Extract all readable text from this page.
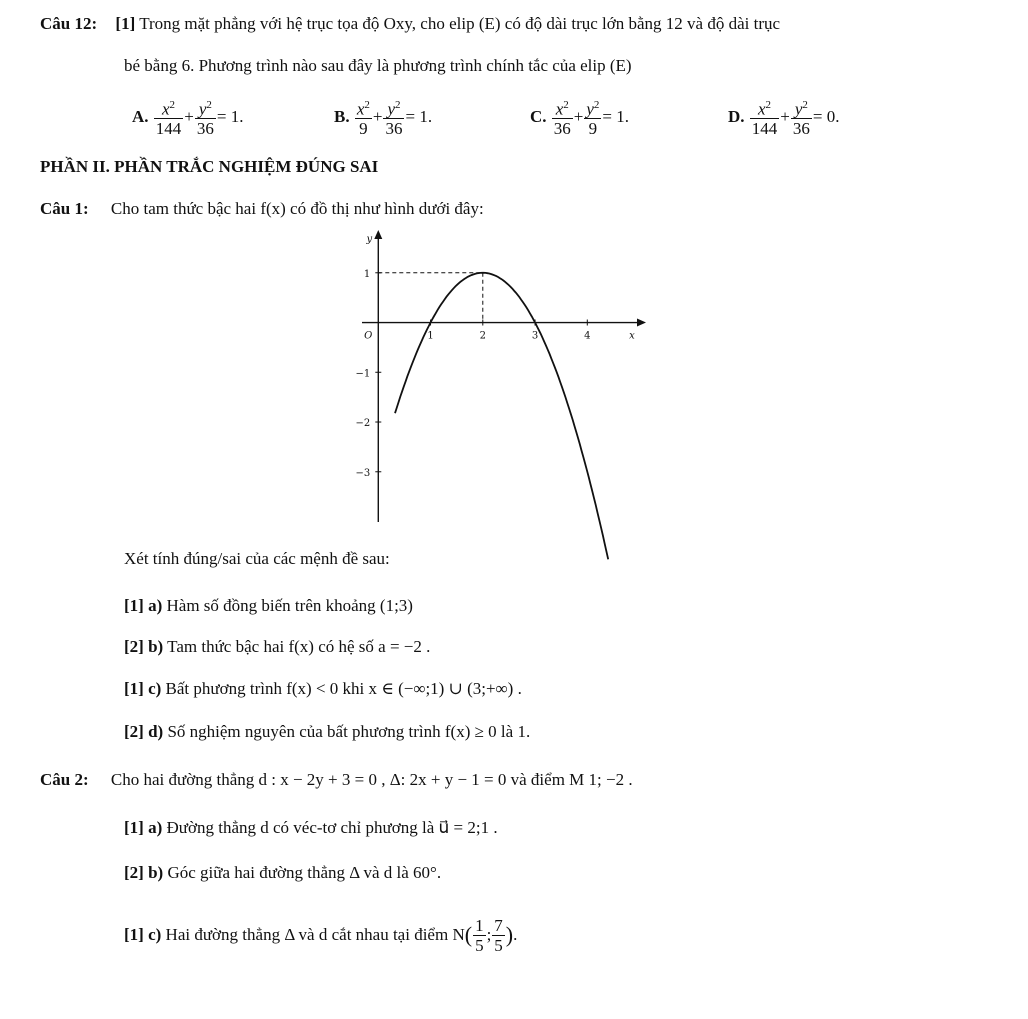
Câu 12: [1] Trong mặt phẳng với hệ trục tọa độ Oxy, cho elip (E) có độ dài trục lớn bằng 12 và độ dài trục
bé bằng 6. Phương trình nào sau đây là phương trình chính tắc của elip (E)
A.
$\frac{x^2}{144} + \frac{y^2}{36} = 1$.	B.
$\frac{x^2}{9} + \frac{y^2}{36} = 1$.	C.
$\frac{x^2}{36} + \frac{y^2}{9} = 1$.	D.
$\frac{x^2}{144} + \frac{y^2}{36} = 0$.
PHẦN II. PHẦN TRẮC NGHIỆM ĐÚNG SAI
Câu 1: Cho tam thức bậc hai f(x) có đồ thị như hình dưới đây:
x
y
O	1	2	3	4
1
−1
−2
−3
Xét tính đúng/sai của các mệnh đề sau:
[1] a) Hàm số đồng biến trên khoảng (1;3)
[2] b) Tam thức bậc hai f(x) có hệ số a = −2 .
[1] c) Bất phương trình f(x) < 0 khi x ∈ (−∞;1) ∪ (3;+∞) .
[2] d) Số nghiệm nguyên của bất phương trình f(x) ≥ 0 là 1.
Câu 2: Cho hai đường thẳng d : x − 2y + 3 = 0 , Δ: 2x + y − 1 = 0 và điểm M 1; −2 .
[1] a) Đường thẳng d có véc-tơ chỉ phương là u⃗ = 2;1 .
[2] b) Góc giữa hai đường thẳng Δ và d là 60°.
[1]
c)
Hai đường thẳng Δ và d cắt nhau tại điểm N ( $\frac{1}{5}$ ; $\frac{7}{5}$ ) .
